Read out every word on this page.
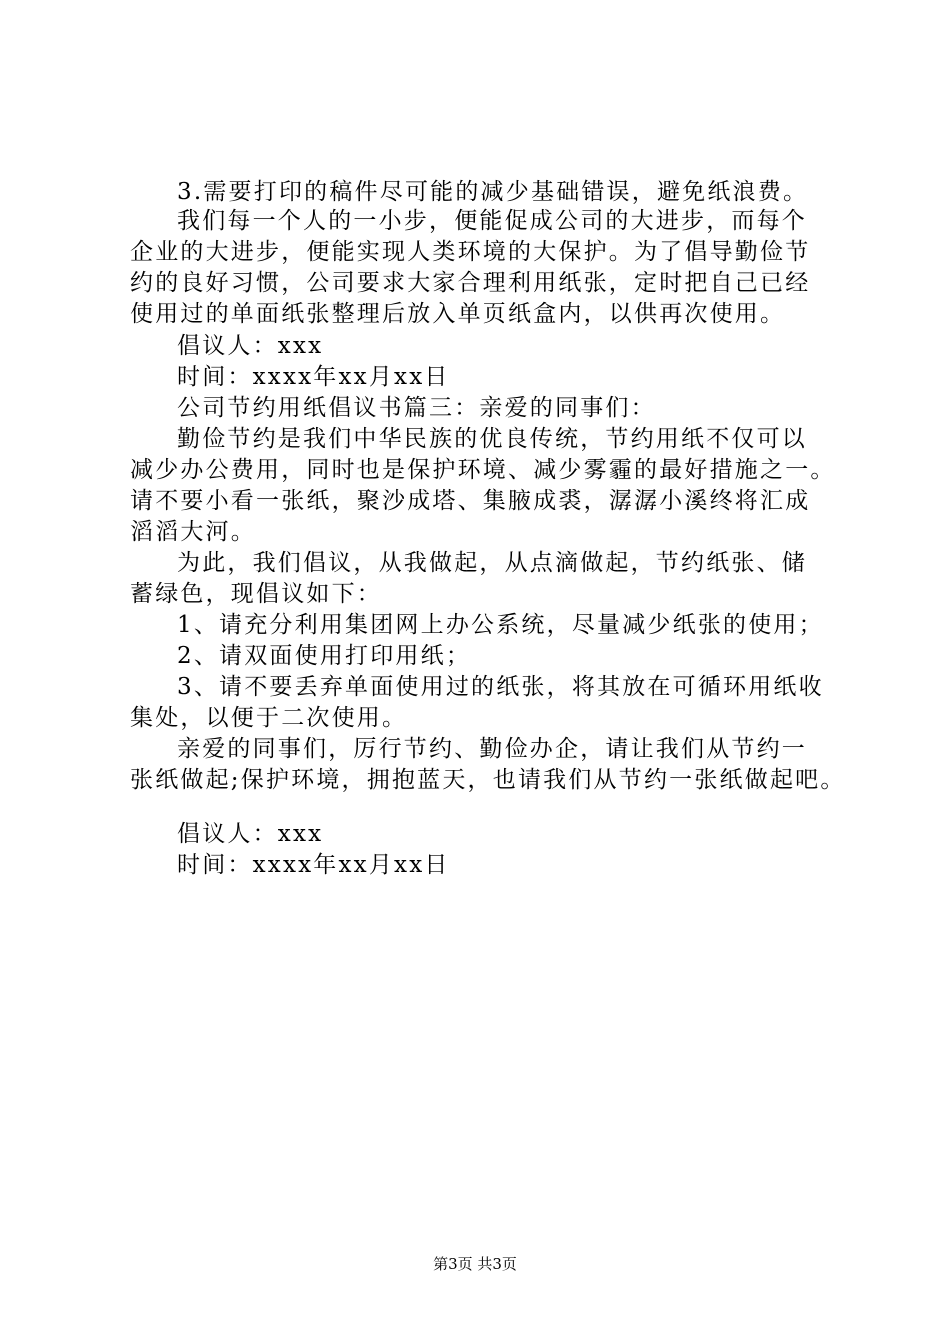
3.需要打印的稿件尽可能的减少基础错误，避免纸浪费。
我们每一个人的一小步，便能促成公司的大进步，而每个
企业的大进步，便能实现人类环境的大保护。为了倡导勤俭节
约的良好习惯，公司要求大家合理利用纸张，定时把自己已经
使用过的单面纸张整理后放入单页纸盒内，以供再次使用。
倡议人：xxx
时间：xxxx年xx月xx日
公司节约用纸倡议书篇三：亲爱的同事们：
勤俭节约是我们中华民族的优良传统，节约用纸不仅可以
减少办公费用，同时也是保护环境、减少雾霾的最好措施之一。
请不要小看一张纸，聚沙成塔、集腋成裘，潺潺小溪终将汇成
滔滔大河。
为此，我们倡议，从我做起，从点滴做起，节约纸张、储
蓄绿色，现倡议如下：
1、请充分利用集团网上办公系统，尽量减少纸张的使用；
2、请双面使用打印用纸；
3、请不要丢弃单面使用过的纸张，将其放在可循环用纸收
集处，以便于二次使用。
亲爱的同事们，厉行节约、勤俭办企，请让我们从节约一
张纸做起;保护环境，拥抱蓝天，也请我们从节约一张纸做起吧。
倡议人：xxx
时间：xxxx年xx月xx日
第3页 共3页
